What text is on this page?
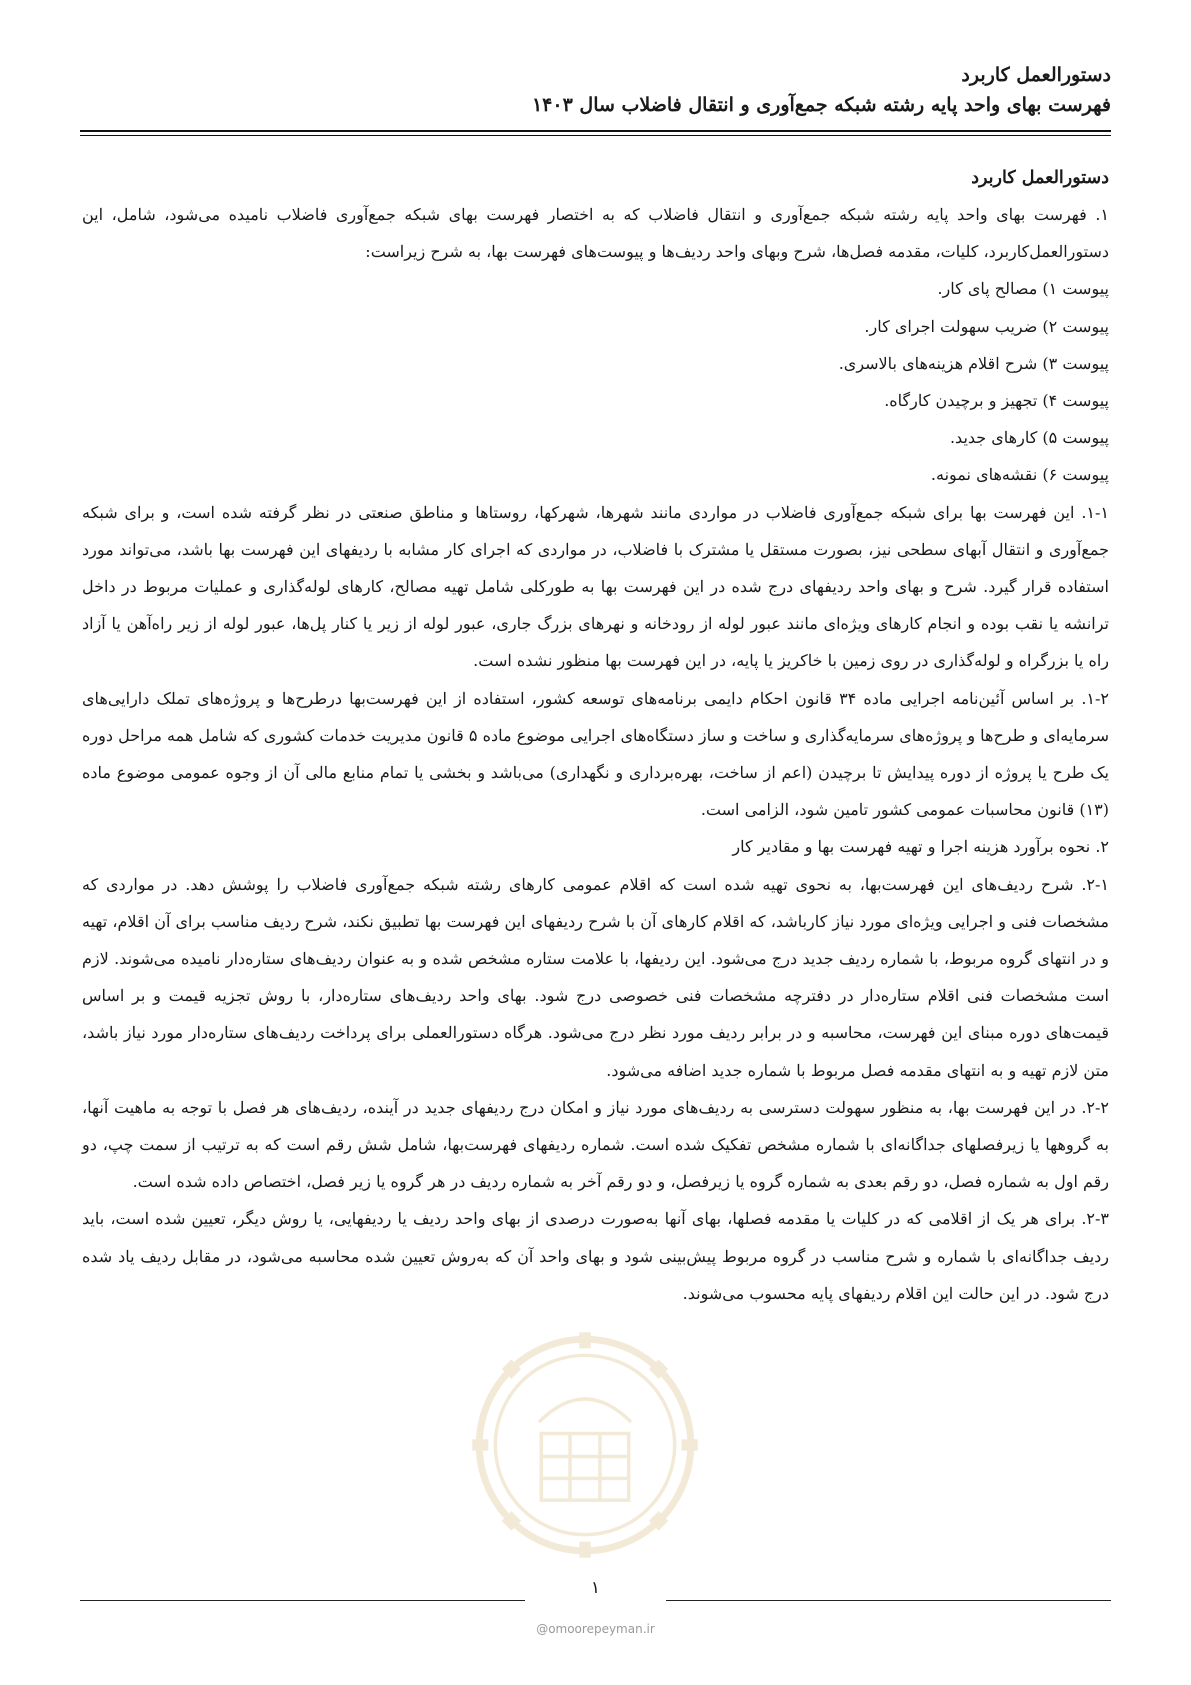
دستورالعمل کاربرد
فهرست بهای واحد پایه رشته شبکه جمع‌آوری و انتقال فاضلاب سال ۱۴۰۳
دستورالعمل کاربرد

۱. فهرست بهای واحد پایه رشته شبکه جمع‌آوری و انتقال فاضلاب که به اختصار فهرست بهای شبکه جمع‌آوری فاضلاب نامیده می‌شود، شامل، این دستورالعمل‌کاربرد، کلیات، مقدمه فصل‌ها، شرح وبهای واحد ردیف‌ها و پیوست‌های فهرست بها، به شرح زیراست:

پیوست ۱) مصالح پای کار.

پیوست ۲) ضریب سهولت اجرای کار.

پیوست ۳) شرح اقلام هزینه‌های بالاسری.

پیوست ۴) تجهیز و برچیدن کارگاه.

پیوست ۵) کارهای جدید.

پیوست ۶) نقشه‌های نمونه.

۱-۱. این فهرست بها برای شبکه جمع‌آوری فاضلاب در مواردی مانند شهرها، شهرکها، روستاها و مناطق صنعتی در نظر گرفته شده است، و برای شبکه جمع‌آوری و انتقال آبهای سطحی نیز، بصورت مستقل یا مشترک با فاضلاب، در مواردی که اجرای کار مشابه با ردیفهای این فهرست بها باشد، می‌تواند مورد استفاده قرار گیرد. شرح و بهای واحد ردیفهای درج شده در این فهرست بها به طورکلی شامل تهیه مصالح، کارهای لوله‌گذاری و عملیات مربوط در داخل ترانشه یا نقب بوده و انجام کارهای ویژه‌ای مانند عبور لوله از رودخانه و نهرهای بزرگ جاری، عبور لوله از زیر یا کنار پل‌ها، عبور لوله از زیر راه‌آهن یا آزاد راه یا بزرگراه و لوله‌گذاری در روی زمین با خاکریز یا پایه، در این فهرست بها منظور نشده است.

۱-۲. بر اساس آئین‌نامه اجرایی ماده ۳۴ قانون احکام دایمی برنامه‌های توسعه کشور، استفاده از این فهرست‌بها درطرح‌ها و پروژه‌های تملک دارایی‌های سرمایه‌ای و طرح‌ها و پروژه‌های سرمایه‌گذاری و ساخت و ساز دستگاه‌های اجرایی موضوع ماده ۵ قانون مدیریت خدمات کشوری که شامل همه مراحل دوره یک طرح یا پروژه از دوره پیدایش تا برچیدن (اعم از ساخت، بهره‌برداری و نگهداری) می‌باشد و بخشی یا تمام منابع مالی آن از وجوه عمومی موضوع ماده (۱۳) قانون محاسبات عمومی کشور تامین شود، الزامی است.

۲. نحوه برآورد هزینه اجرا و تهیه فهرست بها و مقادیر کار

۲-۱. شرح ردیف‌های این فهرست‌بها، به نحوی تهیه شده است که اقلام عمومی کارهای رشته شبکه جمع‌آوری فاضلاب را پوشش دهد. در مواردی که مشخصات فنی و اجرایی ویژه‌ای مورد نیاز کارباشد، که اقلام کارهای آن با شرح ردیفهای این فهرست بها تطبیق نکند، شرح ردیف مناسب برای آن اقلام، تهیه و در انتهای گروه مربوط، با شماره ردیف جدید درج می‌شود. این ردیفها، با علامت ستاره مشخص شده و به عنوان ردیف‌های ستاره‌دار نامیده می‌شوند. لازم است مشخصات فنی اقلام ستاره‌دار در دفترچه مشخصات فنی خصوصی درج شود. بهای واحد ردیف‌های ستاره‌دار، با روش تجزیه قیمت و بر اساس قیمت‌های دوره مبنای این فهرست، محاسبه و در برابر ردیف مورد نظر درج می‌شود. هرگاه دستورالعملی برای پرداخت ردیف‌های ستاره‌دار مورد نیاز باشد، متن لازم تهیه و به انتهای مقدمه فصل مربوط با شماره جدید اضافه می‌شود.

۲-۲. در این فهرست بها، به منظور سهولت دسترسی به ردیف‌های مورد نیاز و امکان درج ردیفهای جدید در آینده، ردیف‌های هر فصل با توجه به ماهیت آنها، به گروهها یا زیرفصلهای جداگانه‌ای با شماره مشخص تفکیک شده است. شماره ردیفهای فهرست‌بها، شامل شش رقم است که به ترتیب از سمت چپ، دو رقم اول به شماره فصل، دو رقم بعدی به شماره گروه یا زیرفصل، و دو رقم آخر به شماره ردیف در هر گروه یا زیر فصل، اختصاص داده شده است.

۲-۳. برای هر یک از اقلامی که در کلیات یا مقدمه فصلها، بهای آنها به‌صورت درصدی از بهای واحد ردیف یا ردیفهایی، یا روش دیگر، تعیین شده است، باید ردیف جداگانه‌ای با شماره و شرح مناسب در گروه مربوط پیش‌بینی شود و بهای واحد آن که به‌روش تعیین شده محاسبه می‌شود، در مقابل ردیف یاد شده درج شود. در این حالت این اقلام ردیفهای پایه محسوب می‌شوند.

۱
@omoorepeyman.ir
